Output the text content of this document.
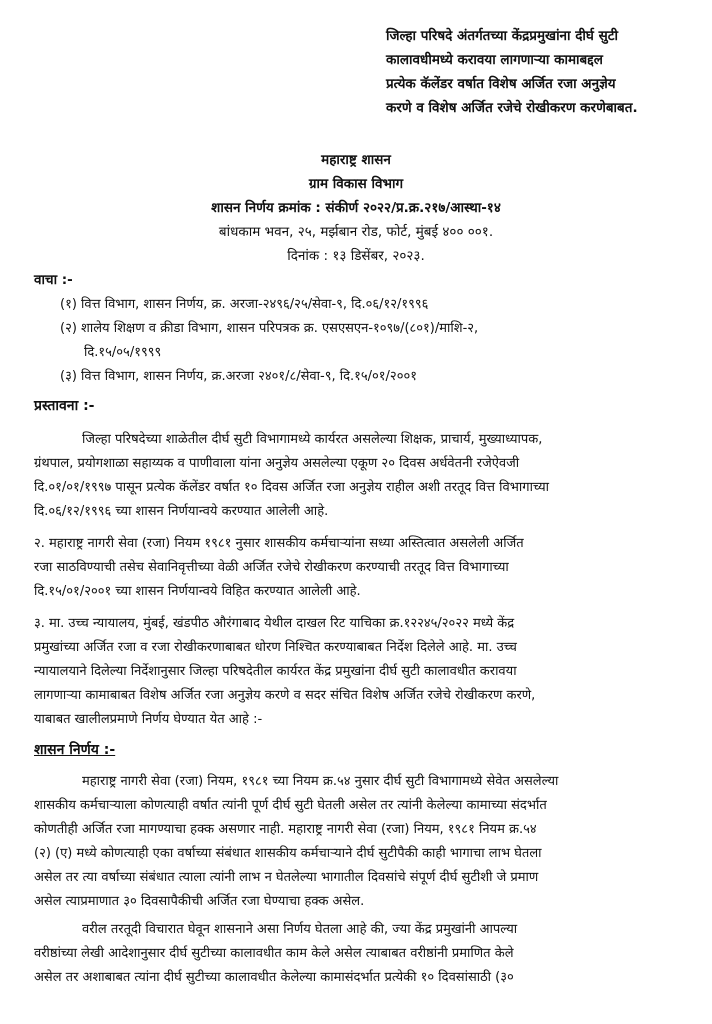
जिल्हा परिषदे अंतर्गतच्या केंद्रप्रमुखांना दीर्घ सुटी
कालावधीमध्ये करावया लागणाऱ्या कामाबद्दल
प्रत्येक कॅलेंडर वर्षात विशेष अर्जित रजा अनुज्ञेय
करणे व विशेष अर्जित रजेचे रोखीकरण करणेबाबत.
महाराष्ट्र शासन
ग्राम विकास विभाग
शासन निर्णय क्रमांक : संकीर्ण २०२२/प्र.क्र.२१७/आस्था-१४
बांधकाम भवन, २५, मर्झबान रोड, फोर्ट, मुंबई ४०० ००१.
दिनांक : १३ डिसेंबर, २०२३.
वाचा :-
(१) वित्त विभाग, शासन निर्णय, क्र. अरजा-२४९६/२५/सेवा-९, दि.०६/१२/१९९६
(२) शालेय शिक्षण व क्रीडा विभाग, शासन परिपत्रक क्र. एसएसएन-१०९७/(८०१)/माशि-२,
दि.१५/०५/१९९९
(३) वित्त विभाग, शासन निर्णय, क्र.अरजा २४०१/८/सेवा-९, दि.१५/०१/२००१
प्रस्तावना :-
जिल्हा परिषदेच्या शाळेतील दीर्घ सुटी विभागामध्ये कार्यरत असलेल्या शिक्षक, प्राचार्य, मुख्याध्यापक,
ग्रंथपाल, प्रयोगशाळा सहाय्यक व पाणीवाला यांना अनुज्ञेय असलेल्या एकूण २० दिवस अर्धवेतनी रजेऐवजी
दि.०१/०१/१९९७ पासून प्रत्येक कॅलेंडर वर्षात १० दिवस अर्जित रजा अनुज्ञेय राहील अशी तरतूद वित्त विभागाच्या
दि.०६/१२/१९९६ च्या शासन निर्णयान्वये करण्यात आलेली आहे.
२. महाराष्ट्र नागरी सेवा (रजा) नियम १९८१ नुसार शासकीय कर्मचाऱ्यांना सध्या अस्तित्वात असलेली अर्जित
रजा साठविण्याची तसेच सेवानिवृत्तीच्या वेळी अर्जित रजेचे रोखीकरण करण्याची तरतूद वित्त विभागाच्या
दि.१५/०१/२००१ च्या शासन निर्णयान्वये विहित करण्यात आलेली आहे.
३. मा. उच्च न्यायालय, मुंबई, खंडपीठ औरंगाबाद येथील दाखल रिट याचिका क्र.१२२४५/२०२२ मध्ये केंद्र
प्रमुखांच्या अर्जित रजा व रजा रोखीकरणाबाबत धोरण निश्चित करण्याबाबत निर्देश दिलेले आहे. मा. उच्च
न्यायालयाने दिलेल्या निर्देशानुसार जिल्हा परिषदेतील कार्यरत केंद्र प्रमुखांना दीर्घ सुटी कालावधीत करावया
लागणाऱ्या कामाबाबत विशेष अर्जित रजा अनुज्ञेय करणे व सदर संचित विशेष अर्जित रजेचे रोखीकरण करणे,
याबाबत खालीलप्रमाणे निर्णय घेण्यात येत आहे :-
शासन निर्णय :-
महाराष्ट्र नागरी सेवा (रजा) नियम, १९८१ च्या नियम क्र.५४ नुसार दीर्घ सुटी विभागामध्ये सेवेत असलेल्या
शासकीय कर्मचाऱ्याला कोणत्याही वर्षात त्यांनी पूर्ण दीर्घ सुटी घेतली असेल तर त्यांनी केलेल्या कामाच्या संदर्भात
कोणतीही अर्जित रजा मागण्याचा हक्क असणार नाही. महाराष्ट्र नागरी सेवा (रजा) नियम, १९८१ नियम क्र.५४
(२) (ए) मध्ये कोणत्याही एका वर्षाच्या संबंधात शासकीय कर्मचाऱ्याने दीर्घ सुटीपैकी काही भागाचा लाभ घेतला
असेल तर त्या वर्षाच्या संबंधात त्याला त्यांनी लाभ न घेतलेल्या भागातील दिवसांचे संपूर्ण दीर्घ सुटीशी जे प्रमाण
असेल त्याप्रमाणात ३० दिवसापैकीची अर्जित रजा घेण्याचा हक्क असेल.
वरील तरतूदी विचारात घेवून शासनाने असा निर्णय घेतला आहे की, ज्या केंद्र प्रमुखांनी आपल्या
वरीष्ठांच्या लेखी आदेशानुसार दीर्घ सुटीच्या कालावधीत काम केले असेल त्याबाबत वरीष्ठांनी प्रमाणित केले
असेल तर अशाबाबत त्यांना दीर्घ सुटीच्या कालावधीत केलेल्या कामासंदर्भात प्रत्येकी १० दिवसांसाठी (३०
